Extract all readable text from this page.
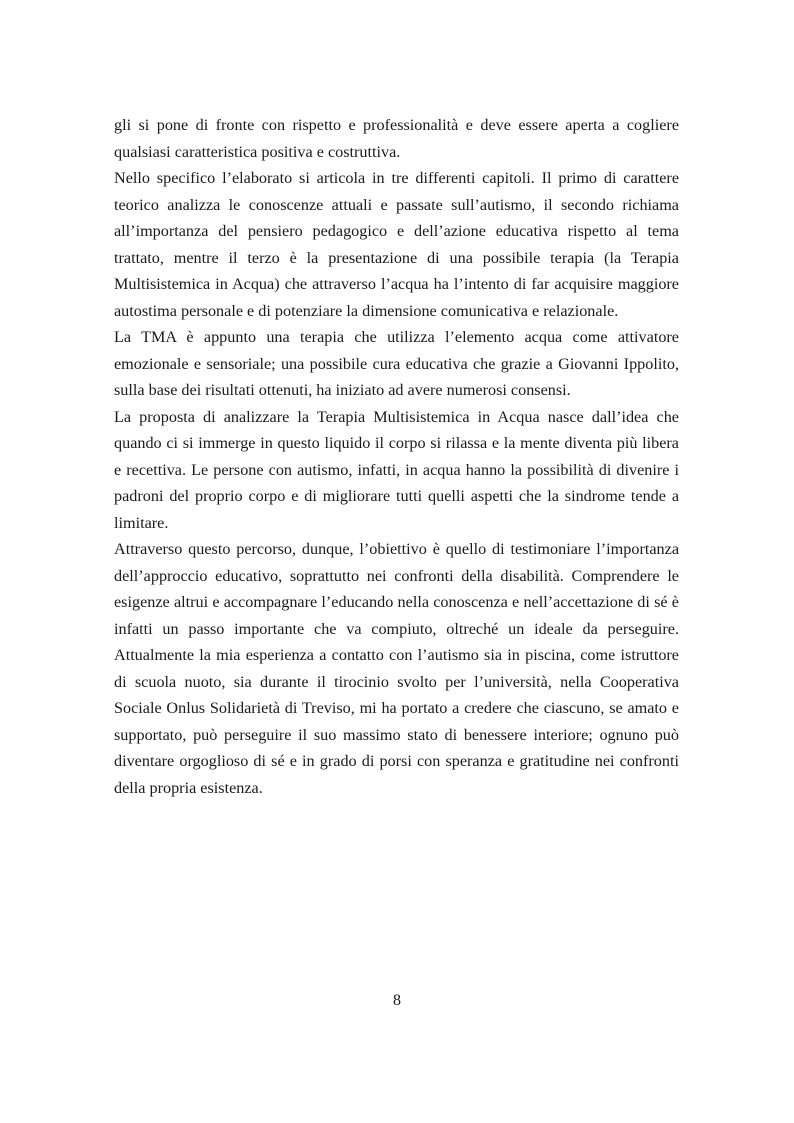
gli si pone di fronte con rispetto e professionalità e deve essere aperta a cogliere qualsiasi caratteristica positiva e costruttiva.

Nello specifico l’elaborato si articola in tre differenti capitoli. Il primo di carattere teorico analizza le conoscenze attuali e passate sull’autismo, il secondo richiama all’importanza del pensiero pedagogico e dell’azione educativa rispetto al tema trattato, mentre il terzo è la presentazione di una possibile terapia (la Terapia Multisistemica in Acqua) che attraverso l’acqua ha l’intento di far acquisire maggiore autostima personale e di potenziare la dimensione comunicativa e relazionale.

La TMA è appunto una terapia che utilizza l’elemento acqua come attivatore emozionale e sensoriale; una possibile cura educativa che grazie a Giovanni Ippolito, sulla base dei risultati ottenuti, ha iniziato ad avere numerosi consensi.

La proposta di analizzare la Terapia Multisistemica in Acqua nasce dall’idea che quando ci si immerge in questo liquido il corpo si rilassa e la mente diventa più libera e recettiva. Le persone con autismo, infatti, in acqua hanno la possibilità di divenire i padroni del proprio corpo e di migliorare tutti quelli aspetti che la sindrome tende a limitare.

Attraverso questo percorso, dunque, l’obiettivo è quello di testimoniare l’importanza dell’approccio educativo, soprattutto nei confronti della disabilità. Comprendere le esigenze altrui e accompagnare l’educando nella conoscenza e nell’accettazione di sé è infatti un passo importante che va compiuto, oltreché un ideale da perseguire. Attualmente la mia esperienza a contatto con l’autismo sia in piscina, come istruttore di scuola nuoto, sia durante il tirocinio svolto per l’università, nella Cooperativa Sociale Onlus Solidarietà di Treviso, mi ha portato a credere che ciascuno, se amato e supportato, può perseguire il suo massimo stato di benessere interiore; ognuno può diventare orgoglioso di sé e in grado di porsi con speranza e gratitudine nei confronti della propria esistenza.

8
